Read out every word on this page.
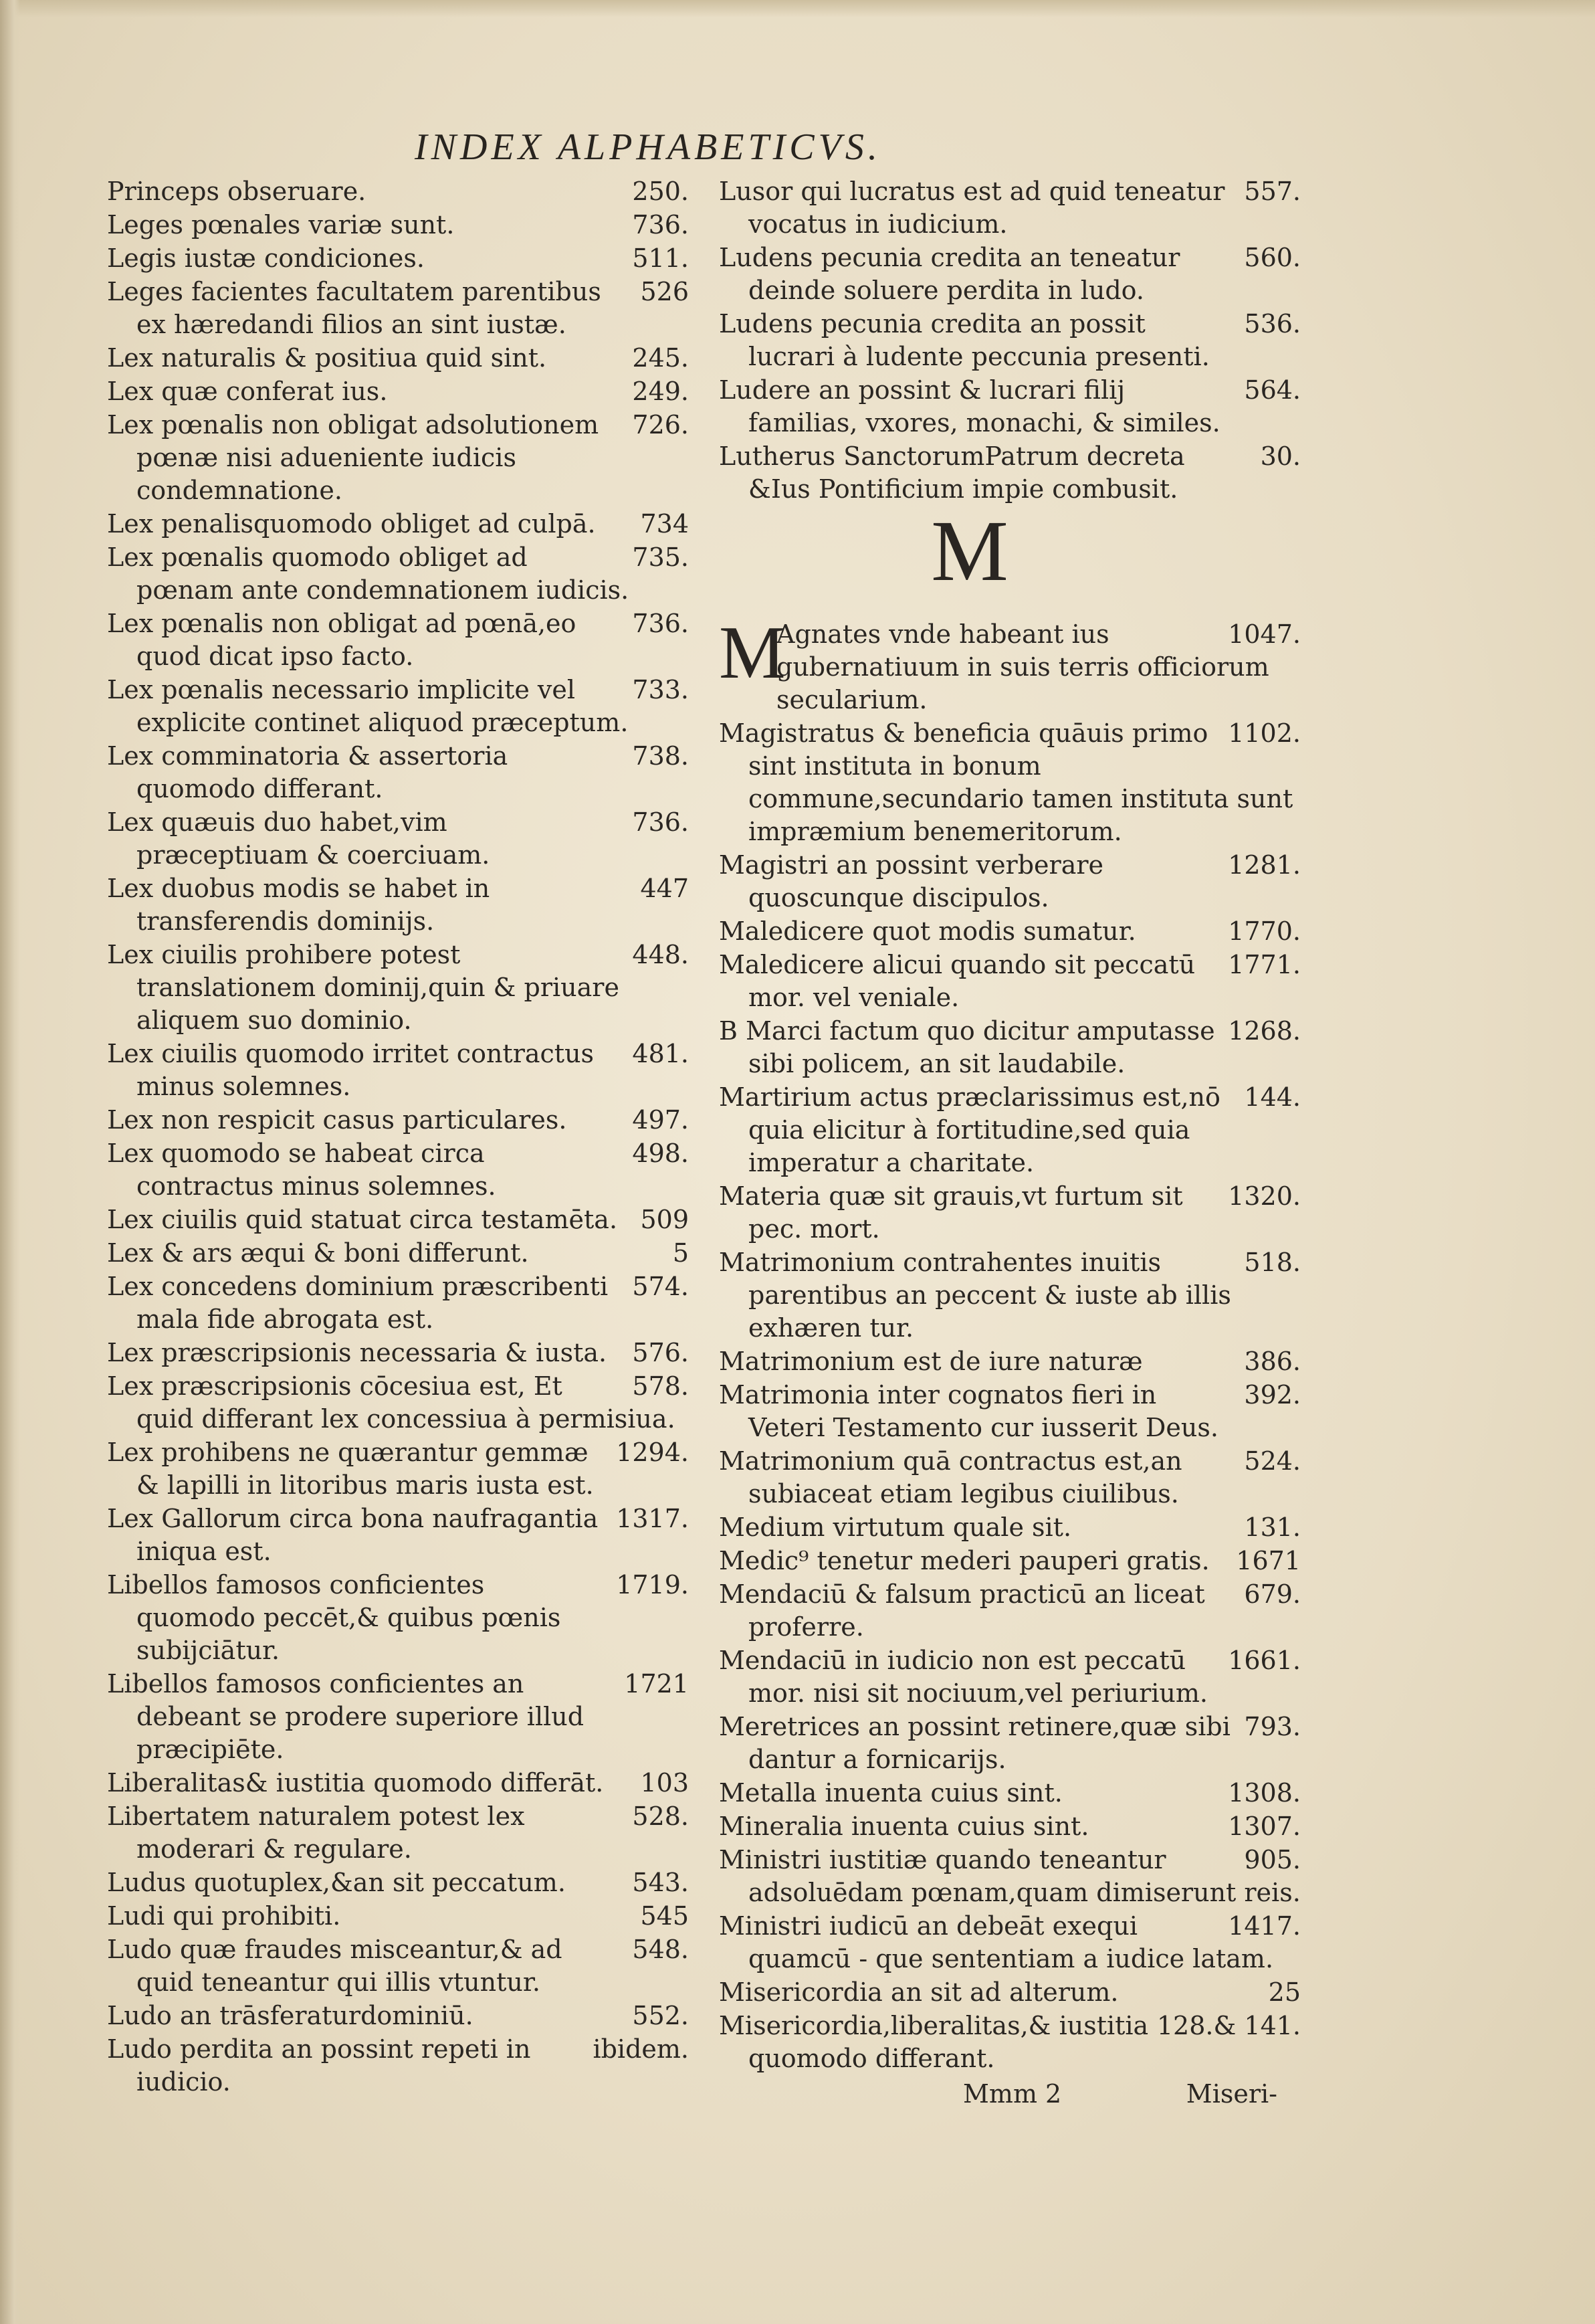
INDEX ALPHABETICVS.
250.
Princeps obseruare.
736.
Leges pœnales variæ sunt.
511.
Legis iustæ condiciones.
526
Leges facientes facultatem parentibus ex hæredandi filios an sint iustæ.
245.
Lex naturalis & positiua quid sint.
249.
Lex quæ conferat ius.
726.
Lex pœnalis non obligat adsolutionem pœnæ nisi adueniente iudicis condemnatione.
734
Lex penalisquomodo obliget ad culpā.
735.
Lex pœnalis quomodo obliget ad pœnam ante condemnationem iudicis.
736.
Lex pœnalis non obligat ad pœnā,eo quod dicat ipso facto.
733.
Lex pœnalis necessario implicite vel explicite continet aliquod præceptum.
738.
Lex comminatoria & assertoria quomodo differant.
736.
Lex quæuis duo habet,vim præceptiuam & coerciuam.
447
Lex duobus modis se habet in transferendis dominijs.
448.
Lex ciuilis prohibere potest translationem dominij,quin & priuare aliquem suo dominio.
481.
Lex ciuilis quomodo irritet contractus minus solemnes.
497.
Lex non respicit casus particulares.
498.
Lex quomodo se habeat circa contractus minus solemnes.
509
Lex ciuilis quid statuat circa testamēta.
5
Lex & ars æqui & boni differunt.
574.
Lex concedens dominium præscribenti mala fide abrogata est.
576.
Lex præscripsionis necessaria & iusta.
578.
Lex præscripsionis cōcesiua est, Et quid differant lex concessiua à permisiua.
1294.
Lex prohibens ne quærantur gemmæ & lapilli in litoribus maris iusta est.
1317.
Lex Gallorum circa bona naufragantia iniqua est.
1719.
Libellos famosos conficientes quomodo peccēt,& quibus pœnis subijciātur.
1721
Libellos famosos conficientes an debeant se prodere superiore illud præcipiēte.
103
Liberalitas& iustitia quomodo differāt.
528.
Libertatem naturalem potest lex moderari & regulare.
543.
Ludus quotuplex,&an sit peccatum.
545
Ludi qui prohibiti.
548.
Ludo quæ fraudes misceantur,& ad quid teneantur qui illis vtuntur.
552.
Ludo an trāsferaturdominiū.
ibidem.
Ludo perdita an possint repeti in iudicio.
557.
Lusor qui lucratus est ad quid teneatur vocatus in iudicium.
560.
Ludens pecunia credita an teneatur deinde soluere perdita in ludo.
536.
Ludens pecunia credita an possit lucrari à ludente peccunia presenti.
564.
Ludere an possint & lucrari filij familias, vxores, monachi, & similes.
30.
Lutherus SanctorumPatrum decreta &Ius Pontificium impie combusit.
M
M	1047.
Agnates vnde habeant ius gubernatiuum in suis terris officiorum secularium.
1102.
Magistratus & beneficia quāuis primo sint instituta in bonum commune,secundario tamen instituta sunt impræmium benemeritorum.
1281.
Magistri an possint verberare quoscunque discipulos.
1770.
Maledicere quot modis sumatur.
1771.
Maledicere alicui quando sit peccatū mor. vel veniale.
1268.
B Marci factum quo dicitur amputasse sibi policem, an sit laudabile.
144.
Martirium actus præclarissimus est,nō quia elicitur à fortitudine,sed quia imperatur a charitate.
1320.
Materia quæ sit grauis,vt furtum sit pec. mort.
518.
Matrimonium contrahentes inuitis parentibus an peccent & iuste ab illis exhæren tur.
386.
Matrimonium est de iure naturæ
392.
Matrimonia inter cognatos fieri in Veteri Testamento cur iusserit Deus.
524.
Matrimonium quā contractus est,an subiaceat etiam legibus ciuilibus.
131.
Medium virtutum quale sit.
1671
Medic⁹ tenetur mederi pauperi gratis.
679.
Mendaciū & falsum practicū an liceat proferre.
1661.
Mendaciū in iudicio non est peccatū mor. nisi sit nociuum,vel periurium.
793.
Meretrices an possint retinere,quæ sibi dantur a fornicarijs.
1308.
Metalla inuenta cuius sint.
1307.
Mineralia inuenta cuius sint.
905.
Ministri iustitiæ quando teneantur adsoluēdam pœnam,quam dimiserunt reis.
1417.
Ministri iudicū an debeāt exequi quamcū - que sententiam a iudice latam.
25
Misericordia an sit ad alterum.
128.& 141.
Misericordia,liberalitas,& iustitia quomodo differant.
Mmm 2	Miseri-
